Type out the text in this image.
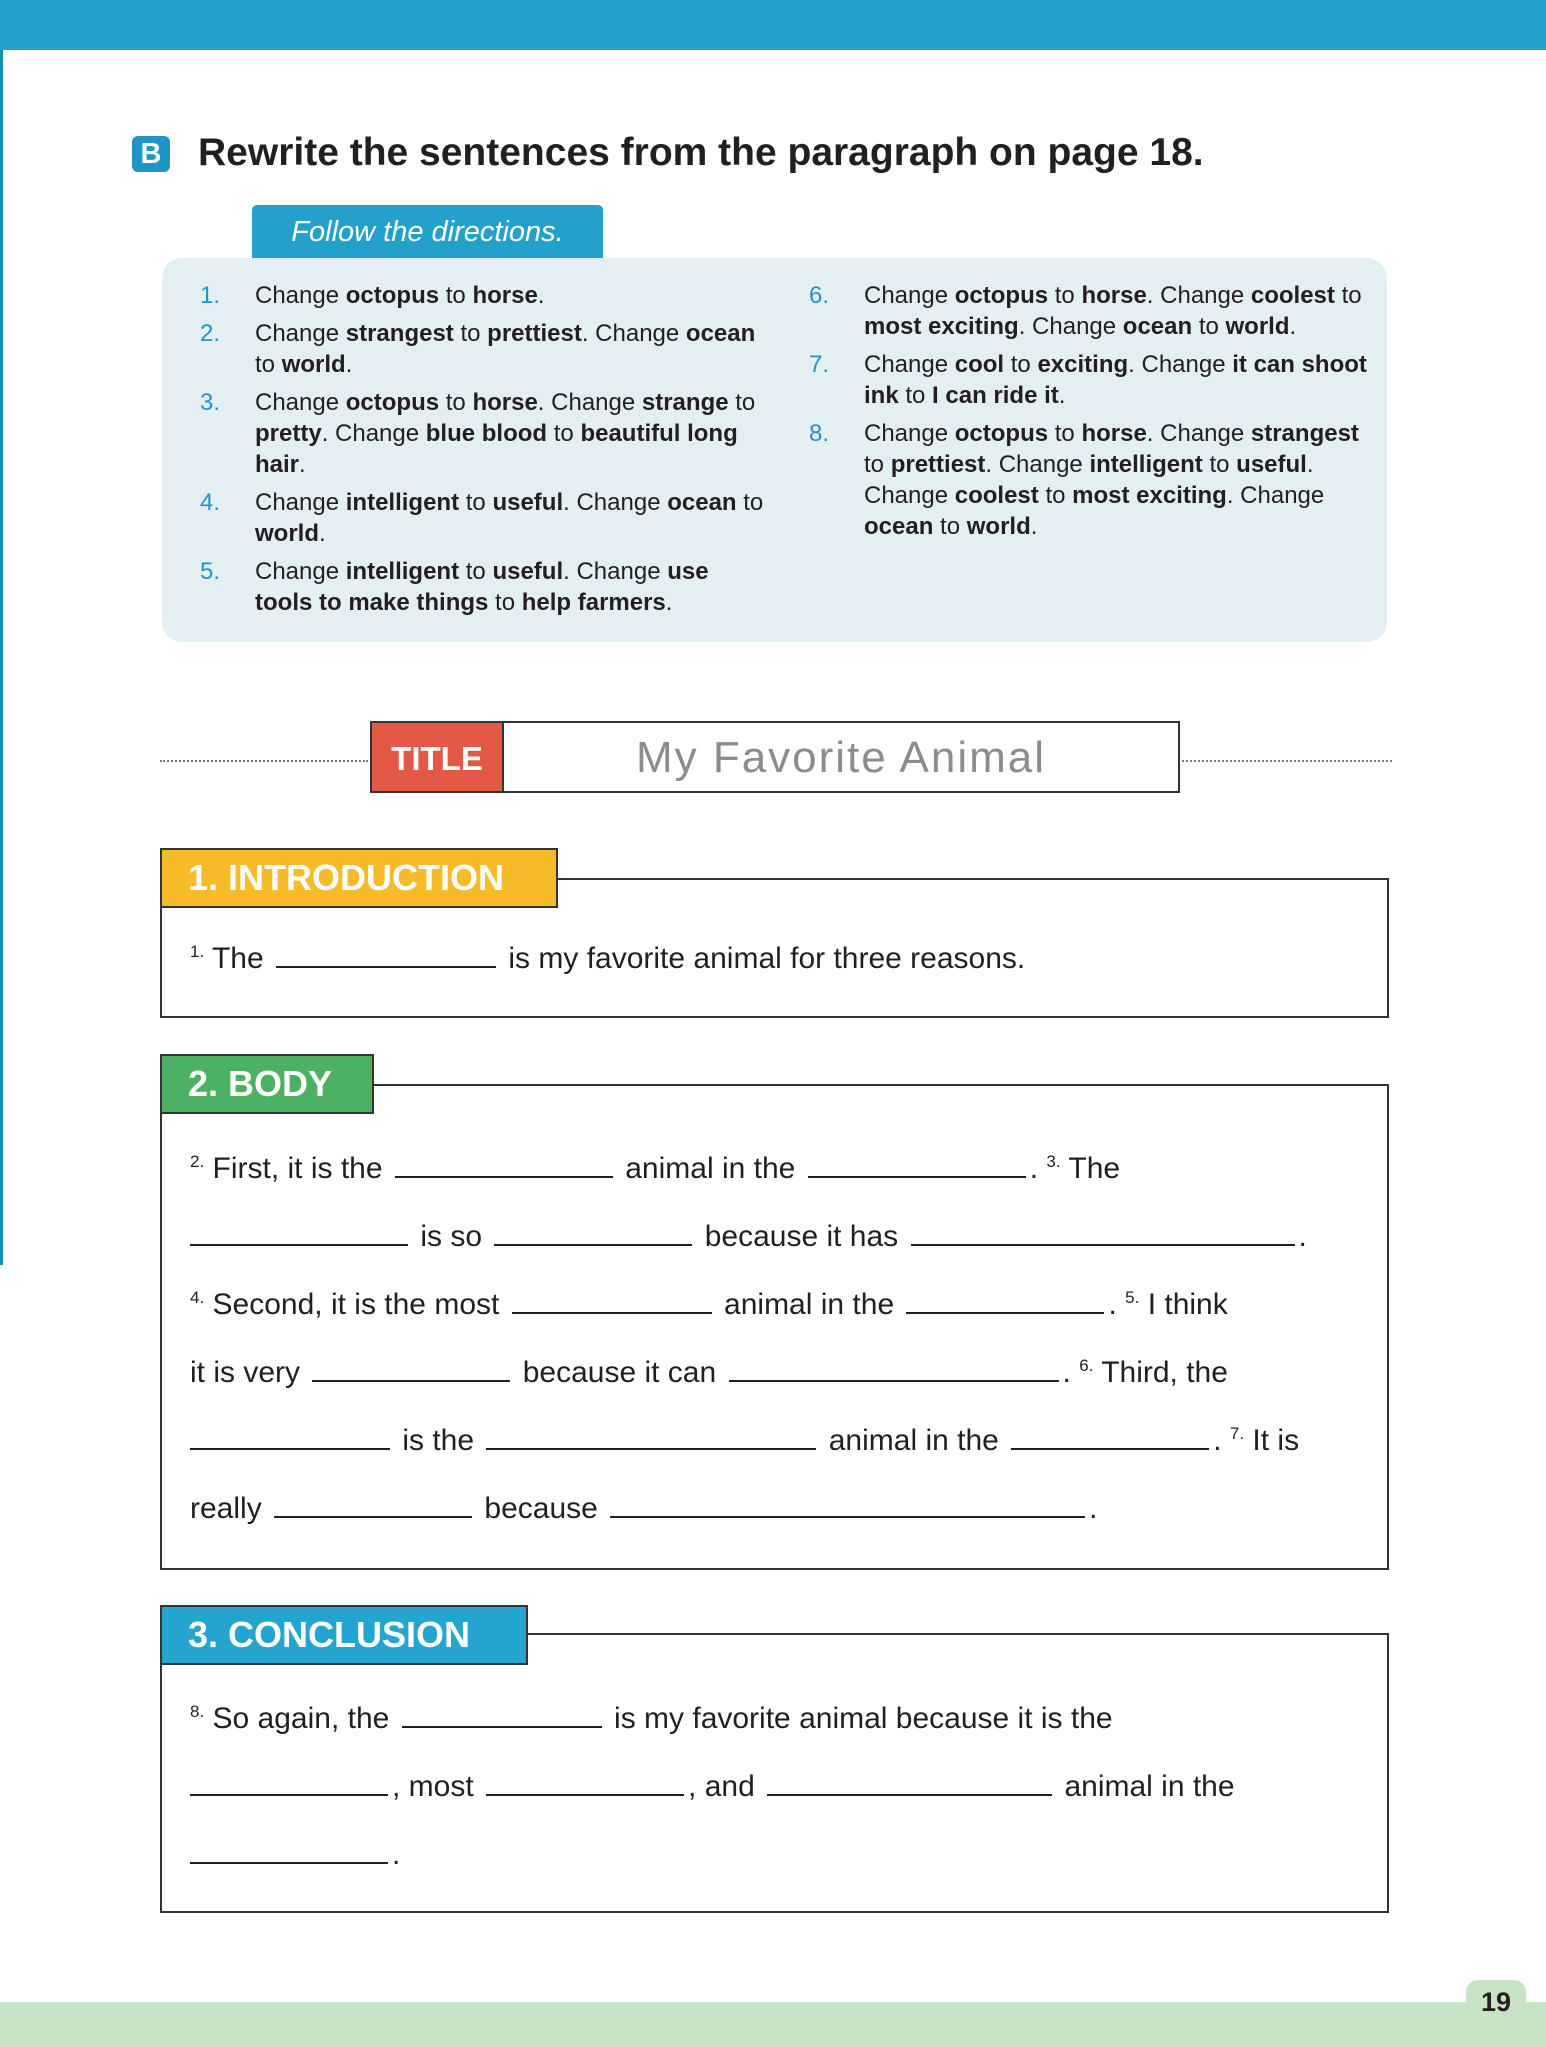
B Rewrite the sentences from the paragraph on page 18.
Follow the directions.
1. Change octopus to horse.
2. Change strangest to prettiest. Change ocean to world.
3. Change octopus to horse. Change strange to pretty. Change blue blood to beautiful long hair.
4. Change intelligent to useful. Change ocean to world.
5. Change intelligent to useful. Change use tools to make things to help farmers.
6. Change octopus to horse. Change coolest to most exciting. Change ocean to world.
7. Change cool to exciting. Change it can shoot ink to I can ride it.
8. Change octopus to horse. Change strangest to prettiest. Change intelligent to useful. Change coolest to most exciting. Change ocean to world.
TITLE	My Favorite Animal
1. INTRODUCTION
$^{1.}$ The	is my favorite animal for three reasons.
2. BODY
$^{2.}$ First, it is the	animal in the	. $^{3.}$ The
is so	because it has	.
$^{4.}$ Second, it is the most	animal in the	. $^{5.}$ I think
it is very	because it can	. $^{6.}$ Third, the
is the	animal in the	. $^{7.}$ It is
really	because	.
3. CONCLUSION
$^{8.}$ So again, the	is my favorite animal because it is the
, most	, and	animal in the
.
19
